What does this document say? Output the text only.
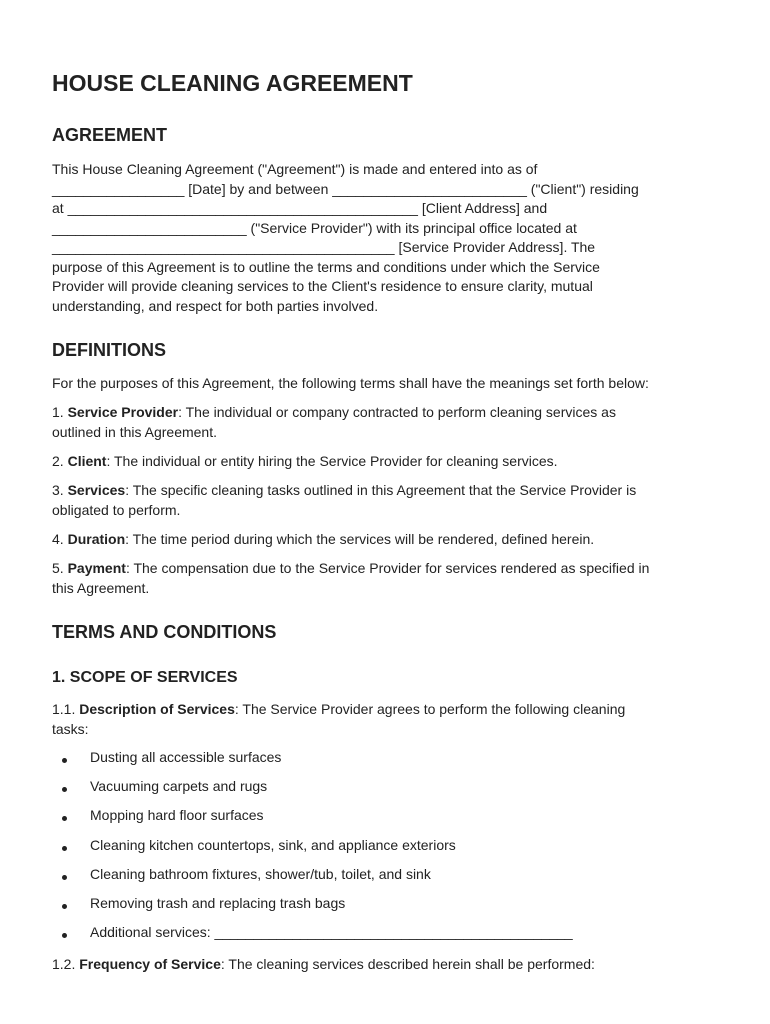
HOUSE CLEANING AGREEMENT
AGREEMENT

This House Cleaning Agreement ("Agreement") is made and entered into as of
_________________ [Date] by and between _________________________ ("Client") residing
at _____________________________________________ [Client Address] and
_________________________ ("Service Provider") with its principal office located at
____________________________________________ [Service Provider Address]. The
purpose of this Agreement is to outline the terms and conditions under which the Service
Provider will provide cleaning services to the Client's residence to ensure clarity, mutual
understanding, and respect for both parties involved.

DEFINITIONS

For the purposes of this Agreement, the following terms shall have the meanings set forth below:

1. Service Provider: The individual or company contracted to perform cleaning services as
outlined in this Agreement.

2. Client: The individual or entity hiring the Service Provider for cleaning services.

3. Services: The specific cleaning tasks outlined in this Agreement that the Service Provider is
obligated to perform.

4. Duration: The time period during which the services will be rendered, defined herein.

5. Payment: The compensation due to the Service Provider for services rendered as specified in
this Agreement.

TERMS AND CONDITIONS
1. SCOPE OF SERVICES

1.1. Description of Services: The Service Provider agrees to perform the following cleaning
tasks:

Dusting all accessible surfaces
Vacuuming carpets and rugs
Mopping hard floor surfaces
Cleaning kitchen countertops, sink, and appliance exteriors
Cleaning bathroom fixtures, shower/tub, toilet, and sink
Removing trash and replacing trash bags
Additional services: ______________________________________________

1.2. Frequency of Service: The cleaning services described herein shall be performed:
